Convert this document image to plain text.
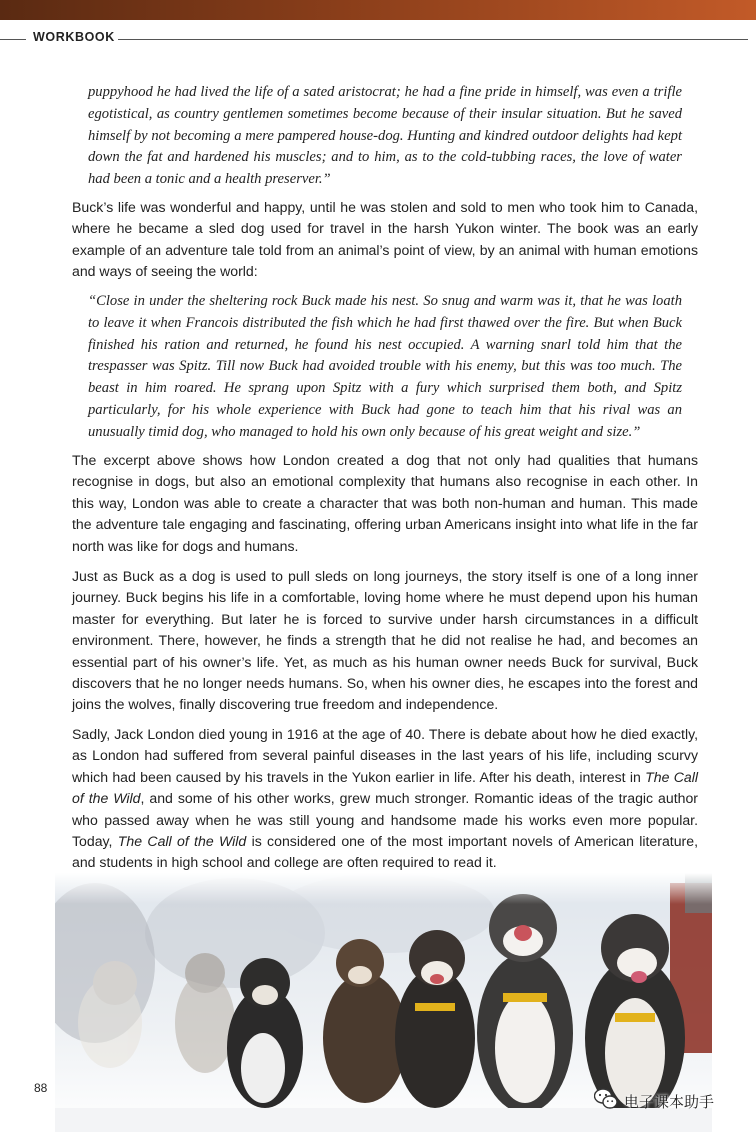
WORKBOOK

puppyhood he had lived the life of a sated aristocrat; he had a fine pride in himself, was even a trifle egotistical, as country gentlemen sometimes become because of their insular situation. But he saved himself by not becoming a mere pampered house-dog. Hunting and kindred outdoor delights had kept down the fat and hardened his muscles; and to him, as to the cold-tubbing races, the love of water had been a tonic and a health preserver.”

Buck’s life was wonderful and happy, until he was stolen and sold to men who took him to Canada, where he became a sled dog used for travel in the harsh Yukon winter. The book was an early example of an adventure tale told from an animal’s point of view, by an animal with human emotions and ways of seeing the world:

“Close in under the sheltering rock Buck made his nest. So snug and warm was it, that he was loath to leave it when Francois distributed the fish which he had first thawed over the fire. But when Buck finished his ration and returned, he found his nest occupied. A warning snarl told him that the trespasser was Spitz. Till now Buck had avoided trouble with his enemy, but this was too much. The beast in him roared. He sprang upon Spitz with a fury which surprised them both, and Spitz particularly, for his whole experience with Buck had gone to teach him that his rival was an unusually timid dog, who managed to hold his own only because of his great weight and size.”

The excerpt above shows how London created a dog that not only had qualities that humans recognise in dogs, but also an emotional complexity that humans also recognise in each other. In this way, London was able to create a character that was both non-human and human. This made the adventure tale engaging and fascinating, offering urban Americans insight into what life in the far north was like for dogs and humans.

Just as Buck as a dog is used to pull sleds on long journeys, the story itself is one of a long inner journey. Buck begins his life in a comfortable, loving home where he must depend upon his human master for everything. But later he is forced to survive under harsh circumstances in a difficult environment. There, however, he finds a strength that he did not realise he had, and becomes an essential part of his owner’s life. Yet, as much as his human owner needs Buck for survival, Buck discovers that he no longer needs humans. So, when his owner dies, he escapes into the forest and joins the wolves, finally discovering true freedom and independence.

Sadly, Jack London died young in 1916 at the age of 40. There is debate about how he died exactly, as London had suffered from several painful diseases in the last years of his life, including scurvy which had been caused by his travels in the Yukon earlier in life. After his death, interest in The Call of the Wild, and some of his other works, grew much stronger. Romantic ideas of the tragic author who passed away when he was still young and handsome made his works even more popular. Today, The Call of the Wild is considered one of the most important novels of American literature, and students in high school and college are often required to read it.

88
电子课本助手
